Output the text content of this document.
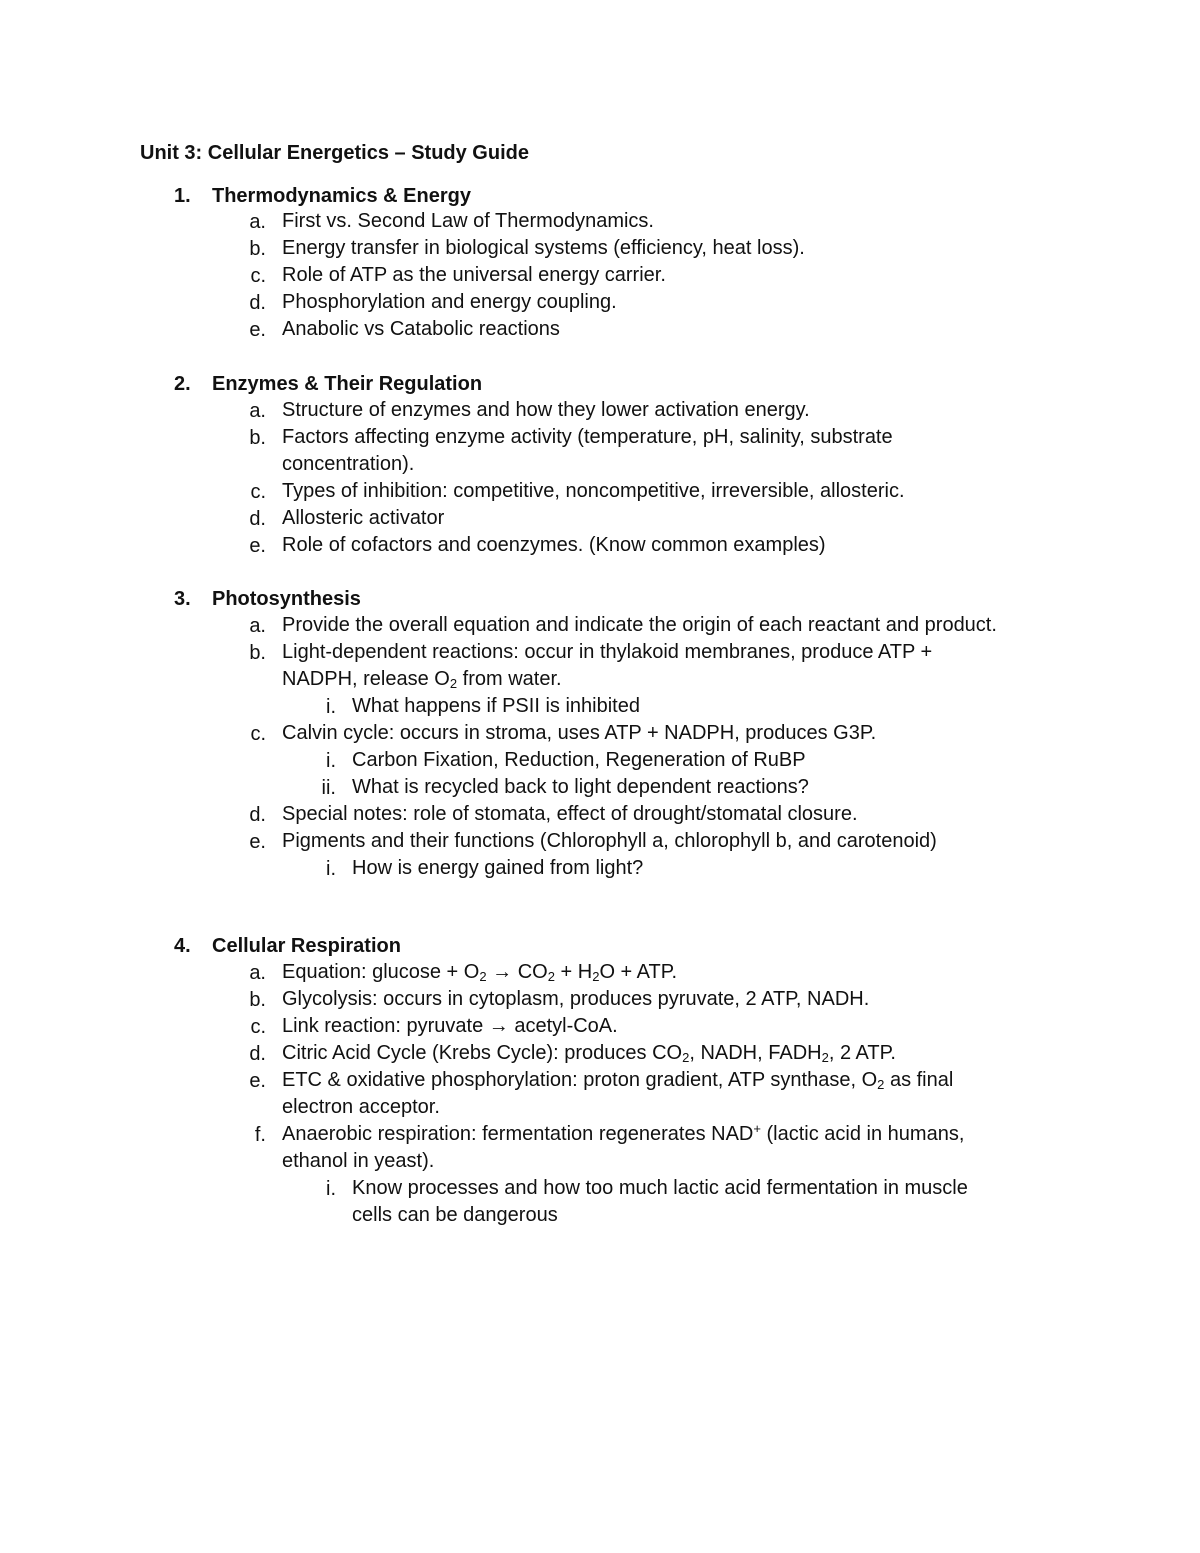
Unit 3: Cellular Energetics – Study Guide
1. Thermodynamics & Energy
a. First vs. Second Law of Thermodynamics.
b. Energy transfer in biological systems (efficiency, heat loss).
c. Role of ATP as the universal energy carrier.
d. Phosphorylation and energy coupling.
e. Anabolic vs Catabolic reactions
2. Enzymes & Their Regulation
a. Structure of enzymes and how they lower activation energy.
b. Factors affecting enzyme activity (temperature, pH, salinity, substrate
concentration).
c. Types of inhibition: competitive, noncompetitive, irreversible, allosteric.
d. Allosteric activator
e. Role of cofactors and coenzymes. (Know common examples)
3. Photosynthesis
a. Provide the overall equation and indicate the origin of each reactant and product.
b. Light-dependent reactions: occur in thylakoid membranes, produce ATP +
NADPH, release $O_2$ from water.
i. What happens if PSII is inhibited
c. Calvin cycle: occurs in stroma, uses ATP + NADPH, produces G3P.
i. Carbon Fixation, Reduction, Regeneration of RuBP
ii. What is recycled back to light dependent reactions?
d. Special notes: role of stomata, effect of drought/stomatal closure.
e. Pigments and their functions (Chlorophyll a, chlorophyll b, and carotenoid)
i. How is energy gained from light?
4. Cellular Respiration
a. Equation: $glucose + O_2 \to CO_2 + H_2O$ + ATP.
b. Glycolysis: occurs in cytoplasm, produces pyruvate, 2 ATP, NADH.
c. Link reaction: pyruvate → acetyl-CoA.
d. Citric Acid Cycle (Krebs Cycle): produces $CO_2$, NADH, $FADH_2$, 2 ATP.
e. ETC & oxidative phosphorylation: proton gradient, ATP synthase, $O_2$ as final
electron acceptor.
f. Anaerobic respiration: fermentation regenerates NAD+ (lactic acid in humans,
ethanol in yeast).
i. Know processes and how too much lactic acid fermentation in muscle
cells can be dangerous
